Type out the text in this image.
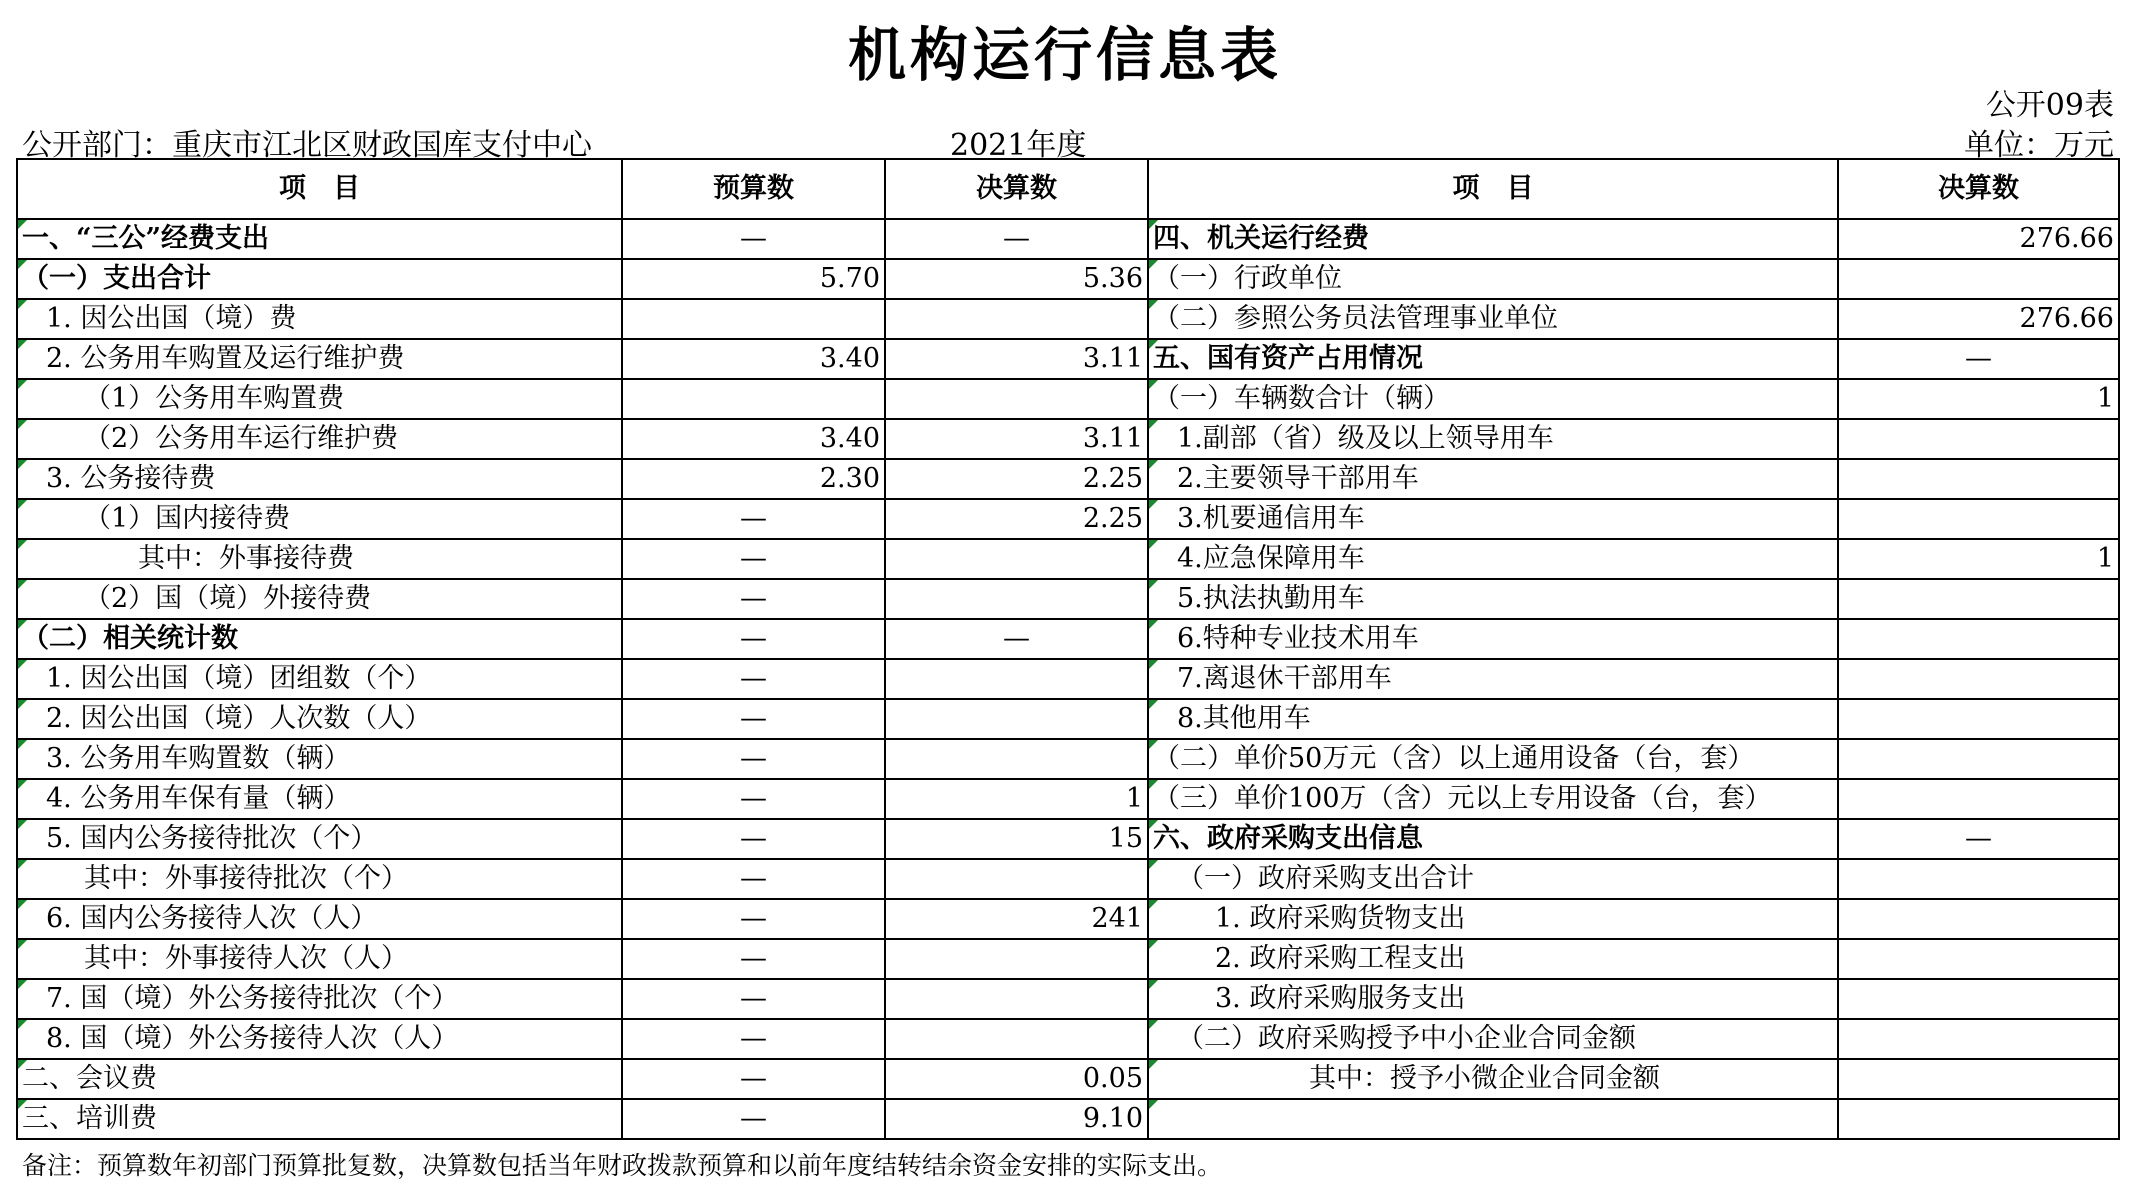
机构运行信息表
公开09表
公开部门：重庆市江北区财政国库支付中心	2021年度	单位：万元
项　目	预算数	决算数	项　目	决算数
一、“三公”经费支出	—	—	四、机关运行经费	276.66
（一）支出合计	5.70	5.36	（一）行政单位	
1. 因公出国（境）费			（二）参照公务员法管理事业单位	276.66
2. 公务用车购置及运行维护费	3.40	3.11	五、国有资产占用情况	—
（1）公务用车购置费			（一）车辆数合计（辆）	1
（2）公务用车运行维护费	3.40	3.11	1.副部（省）级及以上领导用车	
3. 公务接待费	2.30	2.25	2.主要领导干部用车	
（1）国内接待费	—	2.25	3.机要通信用车	
其中：外事接待费	—		4.应急保障用车	1
（2）国（境）外接待费	—		5.执法执勤用车	
（二）相关统计数	—	—	6.特种专业技术用车	
1. 因公出国（境）团组数（个）	—		7.离退休干部用车	
2. 因公出国（境）人次数（人）	—		8.其他用车	
3. 公务用车购置数（辆）	—		（二）单价50万元（含）以上通用设备（台，套）	
4. 公务用车保有量（辆）	—	1	（三）单价100万（含）元以上专用设备（台，套）	
5. 国内公务接待批次（个）	—	15	六、政府采购支出信息	—
其中：外事接待批次（个）	—		（一）政府采购支出合计	
6. 国内公务接待人次（人）	—	241	1. 政府采购货物支出	
其中：外事接待人次（人）	—		2. 政府采购工程支出	
7. 国（境）外公务接待批次（个）	—		3. 政府采购服务支出	
8. 国（境）外公务接待人次（人）	—		（二）政府采购授予中小企业合同金额	
二、会议费	—	0.05	其中：授予小微企业合同金额	
三、培训费	—	9.10		
备注：预算数年初部门预算批复数，决算数包括当年财政拨款预算和以前年度结转结余资金安排的实际支出。
